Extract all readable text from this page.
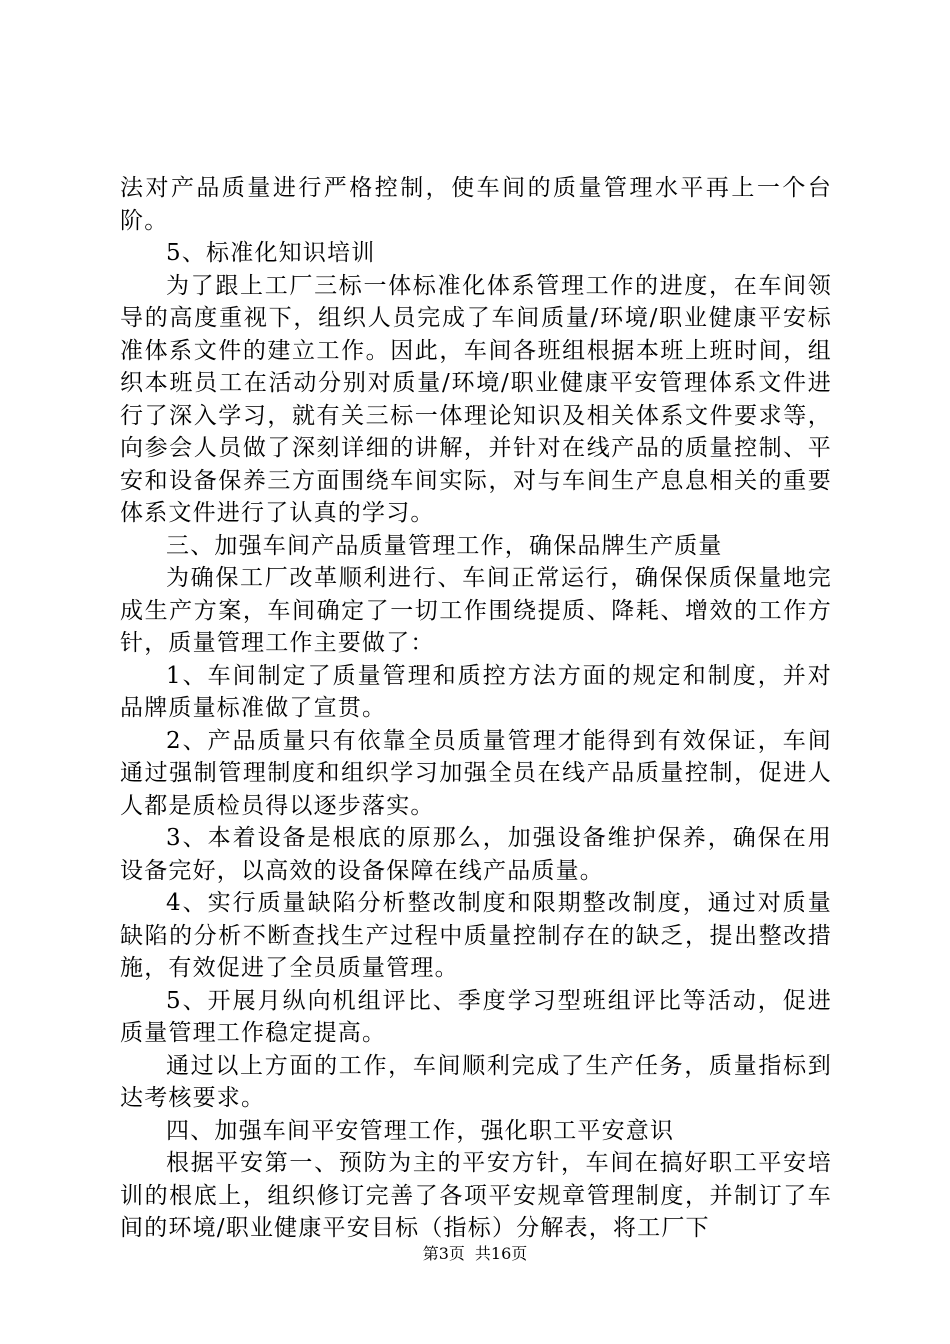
法对产品质量进行严格控制，使车间的质量管理水平再上一个台阶。

5、标准化知识培训

为了跟上工厂三标一体标准化体系管理工作的进度，在车间领导的高度重视下，组织人员完成了车间质量/环境/职业健康平安标准体系文件的建立工作。因此，车间各班组根据本班上班时间，组织本班员工在活动分别对质量/环境/职业健康平安管理体系文件进行了深入学习，就有关三标一体理论知识及相关体系文件要求等，向参会人员做了深刻详细的讲解，并针对在线产品的质量控制、平安和设备保养三方面围绕车间实际，对与车间生产息息相关的重要体系文件进行了认真的学习。

三、加强车间产品质量管理工作，确保品牌生产质量

为确保工厂改革顺利进行、车间正常运行，确保保质保量地完成生产方案，车间确定了一切工作围绕提质、降耗、增效的工作方针，质量管理工作主要做了：

1、车间制定了质量管理和质控方法方面的规定和制度，并对品牌质量标准做了宣贯。

2、产品质量只有依靠全员质量管理才能得到有效保证，车间通过强制管理制度和组织学习加强全员在线产品质量控制，促进人人都是质检员得以逐步落实。

3、本着设备是根底的原那么，加强设备维护保养，确保在用设备完好，以高效的设备保障在线产品质量。

4、实行质量缺陷分析整改制度和限期整改制度，通过对质量缺陷的分析不断查找生产过程中质量控制存在的缺乏，提出整改措施，有效促进了全员质量管理。

5、开展月纵向机组评比、季度学习型班组评比等活动，促进质量管理工作稳定提高。

通过以上方面的工作，车间顺利完成了生产任务，质量指标到达考核要求。

四、加强车间平安管理工作，强化职工平安意识

根据平安第一、预防为主的平安方针，车间在搞好职工平安培训的根底上，组织修订完善了各项平安规章管理制度，并制订了车间的环境/职业健康平安目标（指标）分解表，将工厂下

第3页 共16页
